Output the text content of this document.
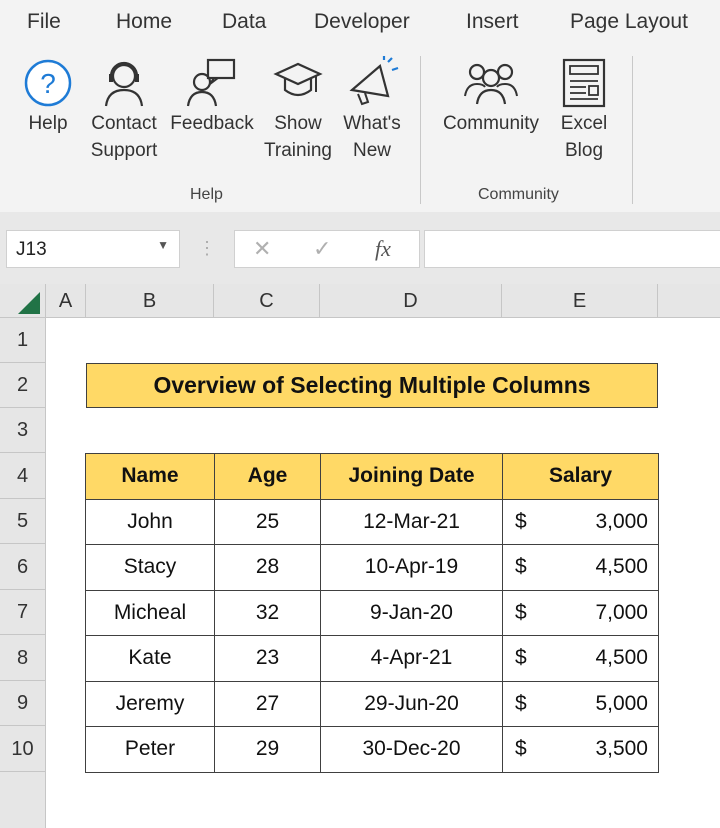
File	Home Data Developer	Insert Page Layout
?
Help	Contact
Support
Feedback	Show
Training
What's
New
Help
Community	Excel
Blog
Community
J13	▼ ⋮ ✕ ✓ fx
A	B	C	D	E
1
2
3
4
5
6
7
8
9
10
Overview of Selecting Multiple Columns
Name	Age	Joining Date	Salary
John	25	12-Mar-21	$ 3,000

Stacy	28	10-Apr-19	$ 4,500

Micheal	32	9-Jan-20	$ 7,000

Kate	23	4-Apr-21	$ 4,500

Jeremy	27	29-Jun-20	$ 5,000

Peter	29	30-Dec-20	$ 3,500
